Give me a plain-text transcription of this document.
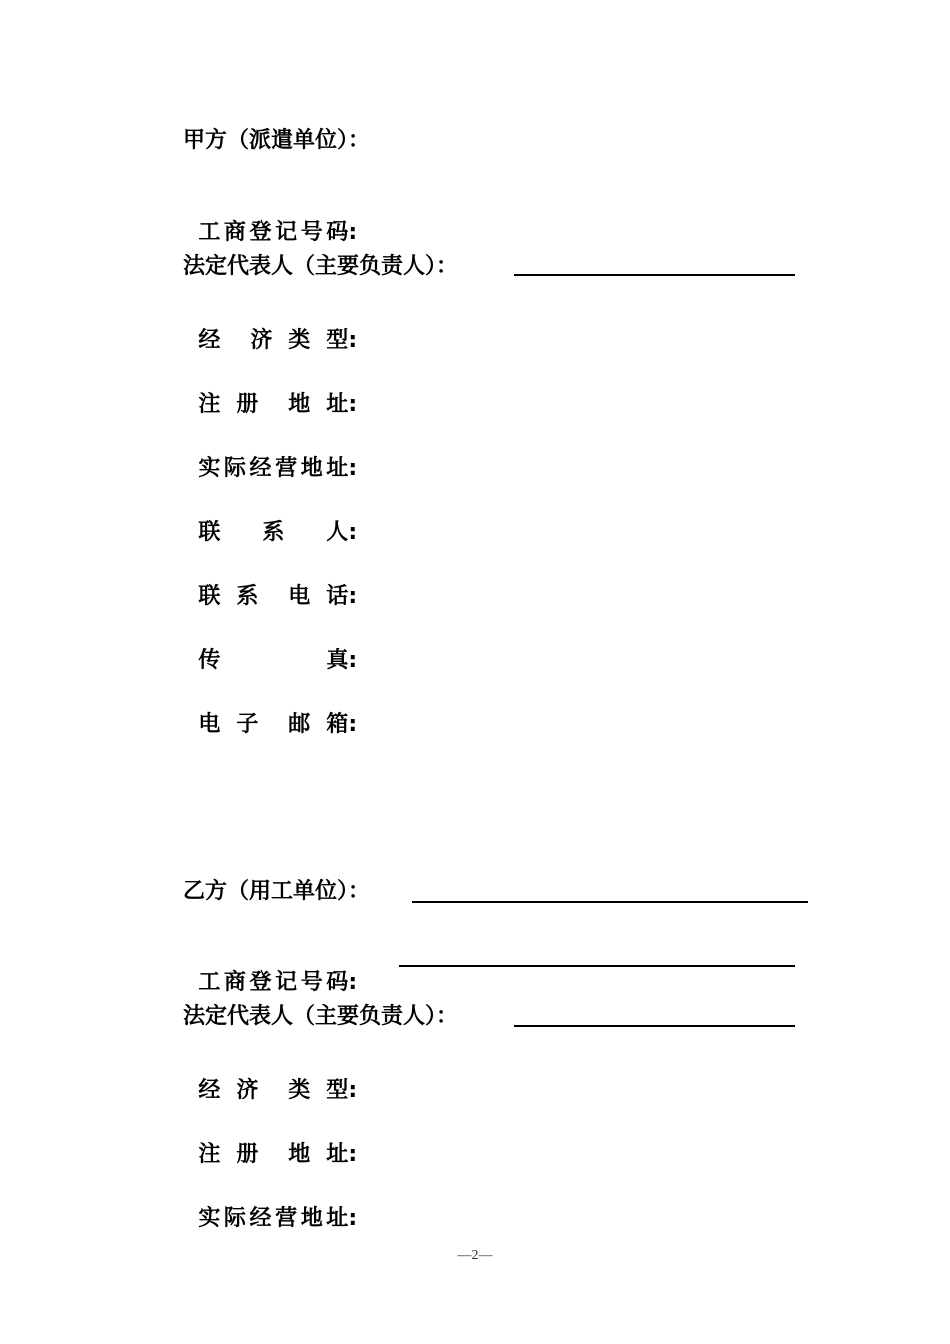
甲方（派遣单位）：

工 商 登 记 号 码 :

法定代表人（主要负责人）：

经 济 类 型 :

注 册 地 址 :

实 际 经 营 地 址 :

联 系 人 :

联 系 电 话 :

传	真 :

电 子 邮 箱 :

乙方（用工单位）：

工 商 登 记 号 码 :

法定代表人（主要负责人）：

经 济 类 型 :

注 册 地 址 :

实 际 经 营 地 址 :

—2—
